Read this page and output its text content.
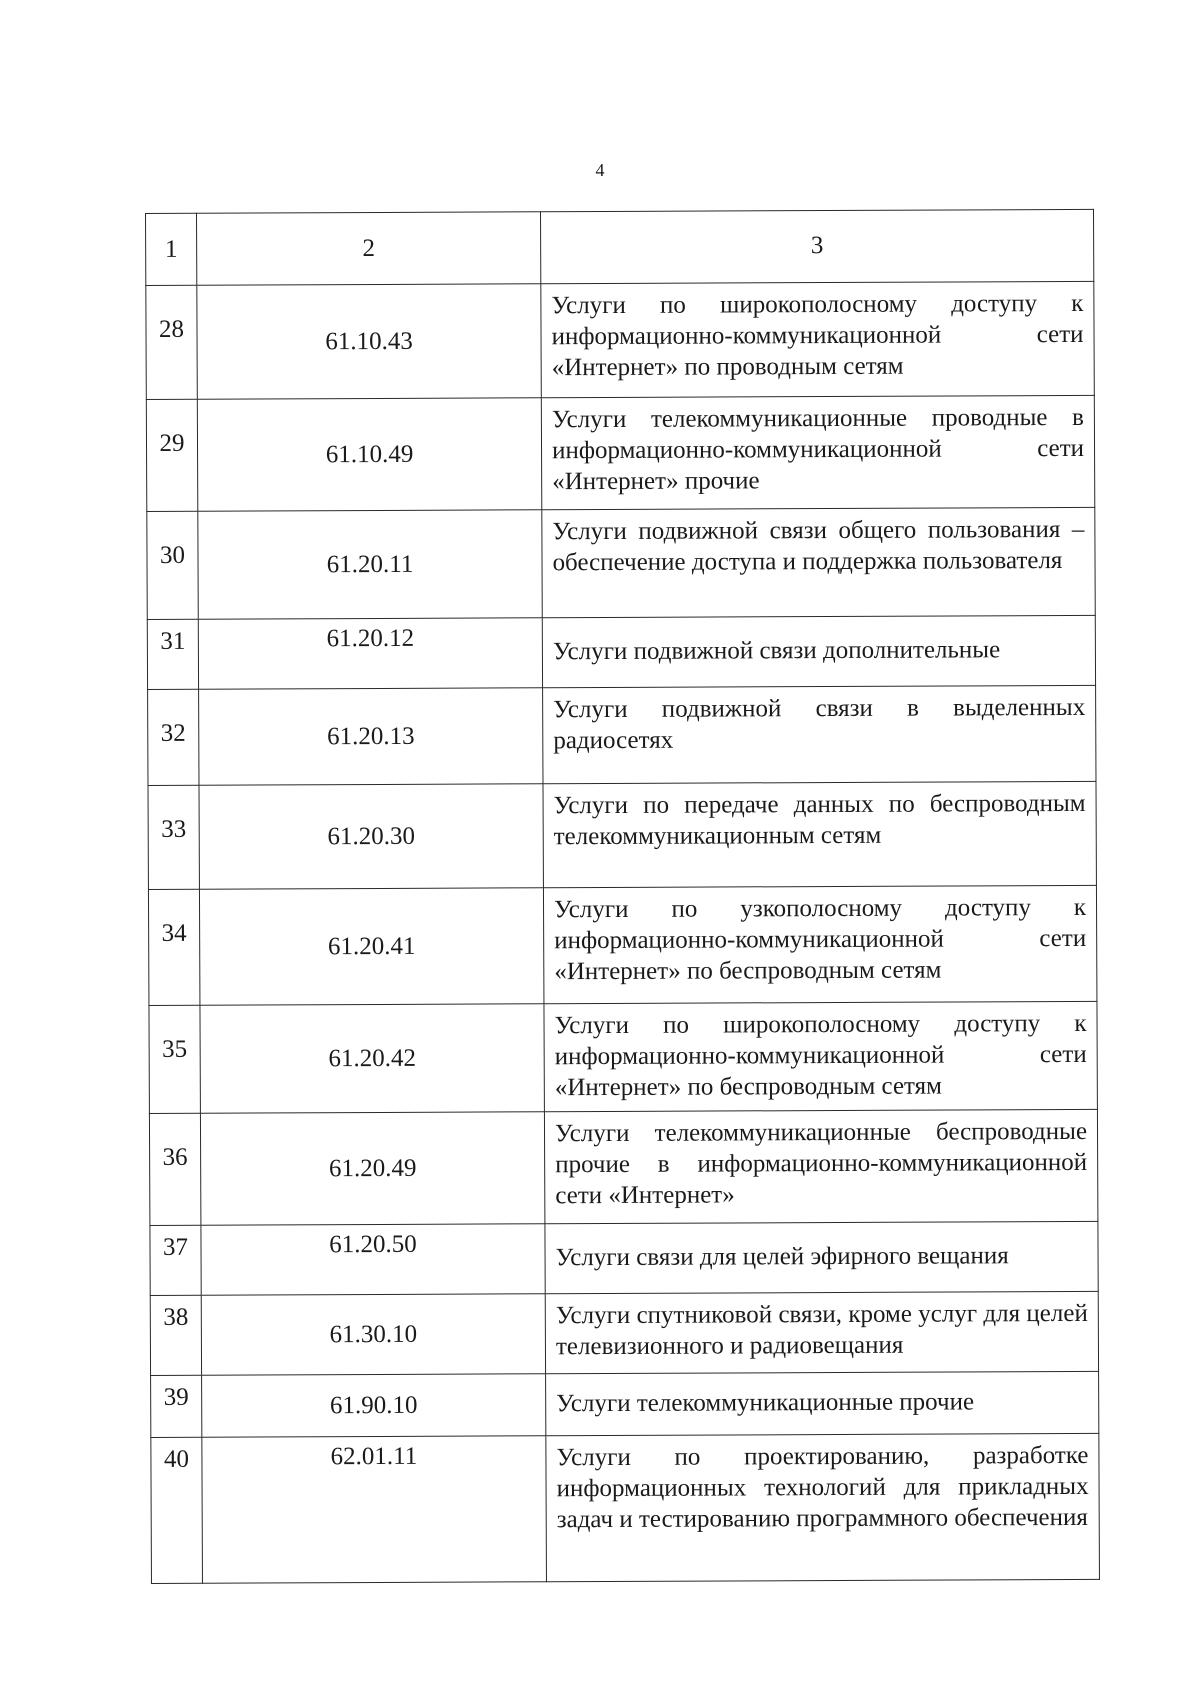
4
1	2	3

28	61.10.43	Услуги по широкополосному доступу к информационно-коммуникационной сети «Интернет» по проводным сетям

29	61.10.49	Услуги телекоммуникационные проводные в информационно-коммуникационной сети «Интернет» прочие

30	61.20.11	Услуги подвижной связи общего пользования – обеспечение доступа и поддержка пользователя

31	61.20.12	Услуги подвижной связи дополнительные

32	61.20.13	Услуги подвижной связи в выделенных радиосетях

33	61.20.30	Услуги по передаче данных по беспроводным телекоммуникационным сетям

34	61.20.41	Услуги по узкополосному доступу к информационно-коммуникационной сети «Интернет» по беспроводным сетям

35	61.20.42	Услуги по широкополосному доступу к информационно-коммуникационной сети «Интернет» по беспроводным сетям

36	61.20.49	Услуги телекоммуникационные беспроводные прочие в информационно-коммуникационной сети «Интернет»

37	61.20.50	Услуги связи для целей эфирного вещания

38	61.30.10	Услуги спутниковой связи, кроме услуг для целей телевизионного и радиовещания

39	61.90.10	Услуги телекоммуникационные прочие

40	62.01.11	Услуги по проектированию, разработке информационных технологий для прикладных задач и тестированию программного обеспечения
